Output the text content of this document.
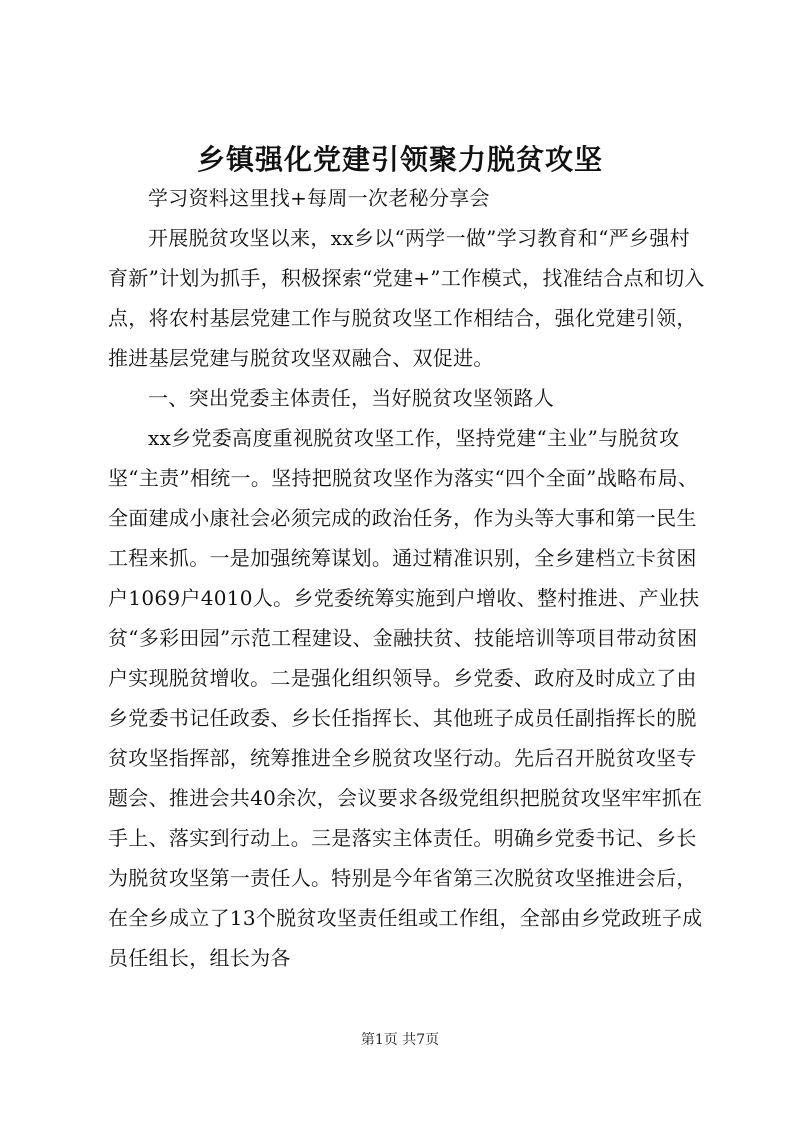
乡镇强化党建引领聚力脱贫攻坚

学习资料这里找+每周一次老秘分享会

开展脱贫攻坚以来，xx乡以“两学一做”学习教育和“严乡强村育新”计划为抓手，积极探索“党建+”工作模式，找准结合点和切入点，将农村基层党建工作与脱贫攻坚工作相结合，强化党建引领，推进基层党建与脱贫攻坚双融合、双促进。

一、突出党委主体责任，当好脱贫攻坚领路人

xx乡党委高度重视脱贫攻坚工作，坚持党建“主业”与脱贫攻坚“主责”相统一。坚持把脱贫攻坚作为落实“四个全面”战略布局、全面建成小康社会必须完成的政治任务，作为头等大事和第一民生工程来抓。一是加强统筹谋划。通过精准识别，全乡建档立卡贫困户1069户4010人。乡党委统筹实施到户增收、整村推进、产业扶贫“多彩田园”示范工程建设、金融扶贫、技能培训等项目带动贫困户实现脱贫增收。二是强化组织领导。乡党委、政府及时成立了由乡党委书记任政委、乡长任指挥长、其他班子成员任副指挥长的脱贫攻坚指挥部，统筹推进全乡脱贫攻坚行动。先后召开脱贫攻坚专题会、推进会共40余次，会议要求各级党组织把脱贫攻坚牢牢抓在手上、落实到行动上。三是落实主体责任。明确乡党委书记、乡长为脱贫攻坚第一责任人。特别是今年省第三次脱贫攻坚推进会后，在全乡成立了13个脱贫攻坚责任组或工作组，全部由乡党政班子成员任组长，组长为各

第1页 共7页
